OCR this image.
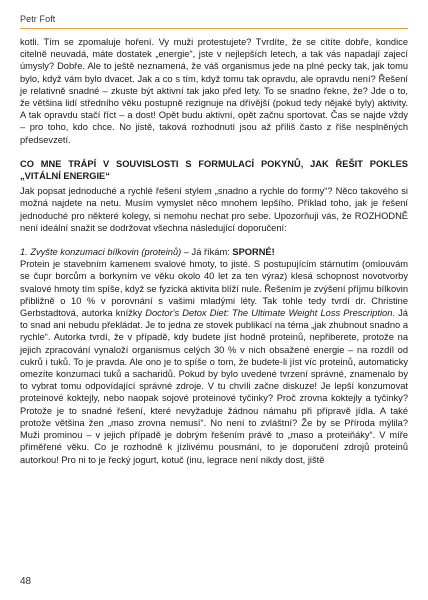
Petr Foft

kotli. Tím se zpomaluje hoření. Vy muži protestujete? Tvrdíte, že se cítíte dobře, kondice citelně neuvadá, máte dostatek „energie“, jste v nejlepších letech, a tak vás napadají zajecí úmysly? Dobře. Ale to ještě neznamená, že váš organismus jede na plné pecky tak, jak tomu bylo, když vám bylo dvacet. Jak a co s tím, když tomu tak opravdu, ale opravdu není? Řešení je relativně snadné – zkuste být aktivní tak jako před lety. To se snadno řekne, že? Jde o to, že většina lidí středního věku postupně rezignuje na dřívější (pokud tedy nějaké byly) aktivity. A tak opravdu stačí říct – a dost! Opět budu aktivní, opět začnu sportovat. Čas se najde vždy – pro toho, kdo chce. No jistě, taková rozhodnutí jsou až příliš často z říše nesplněných předsevzetí.

CO MNE TRÁPÍ V SOUVISLOSTI S FORMULACÍ POKYNŮ, JAK ŘEŠIT POKLES „VITÁLNÍ ENERGIE“

Jak popsat jednoduché a rychlé řešení stylem „snadno a rychle do formy“? Něco takového si možná najdete na netu. Musím vymyslet něco mnohem lepšího. Příklad toho, jak je řešení jednoduché pro některé kolegy, si nemohu nechat pro sebe. Upozorňuji vás, že ROZHODNĚ není ideální snažit se dodržovat všechna následující doporučení:

1. Zvyšte konzumaci bílkovin (proteinů) – Já říkám: SPORNÉ!

Protein je stavebním kamenem svalové hmoty, to jisté. S postupujícím stárnutím (omlouvám se čupr borcům a borkyním ve věku okolo 40 let za ten výraz) klesá schopnost novotvorby svalové hmoty tím spíše, když se fyzická aktivita blíží nule. Řešením je zvýšení příjmu bílkovin přibližně o 10 % v porovnání s vašimi mladými léty. Tak tohle tedy tvrdí dr. Christine Gerbstadtová, autorka knížky Doctor's Detox Diet: The Ultimate Weight Loss Prescription. Já to snad ani nebudu překládat. Je to jedna ze stovek publikací na téma „jak zhubnout snadno a rychle“. Autorka tvrdí, že v případě, kdy budete jíst hodně proteinů, nepřiberete, protože na jejich zpracování vynaloží organismus celých 30 % v nich obsažené energie – na rozdíl od cukrů i tuků. To je pravda. Ale ono je to spíše o tom, že budete-li jíst víc proteinů, automaticky omezíte konzumaci tuků a sacharidů. Pokud by bylo uvedené tvrzení správné, znamenalo by to vybrat tomu odpovídající správné zdroje. V tu chvíli začne diskuze! Je lepší konzumovat proteinové koktejly, nebo naopak sojové proteinové tyčinky? Proč zrovna koktejly a tyčinky? Protože je to snadné řešení, které nevyžaduje žádnou námahu při přípravě jídla. A také protože většina žen „maso zrovna nemusí“. No není to zvláštní? Že by se Příroda mýlila? Muži prominou – v jejich případě je dobrým řešením právě to „maso a proteiňáky“. V míře přiměřené věku. Co je rozhodně k jízlivému pousmání, to je doporučení zdrojů proteinů autorkou! Pro ni to je řecký jogurt, kotuč (inu, legrace není nikdy dost, jiště

48
